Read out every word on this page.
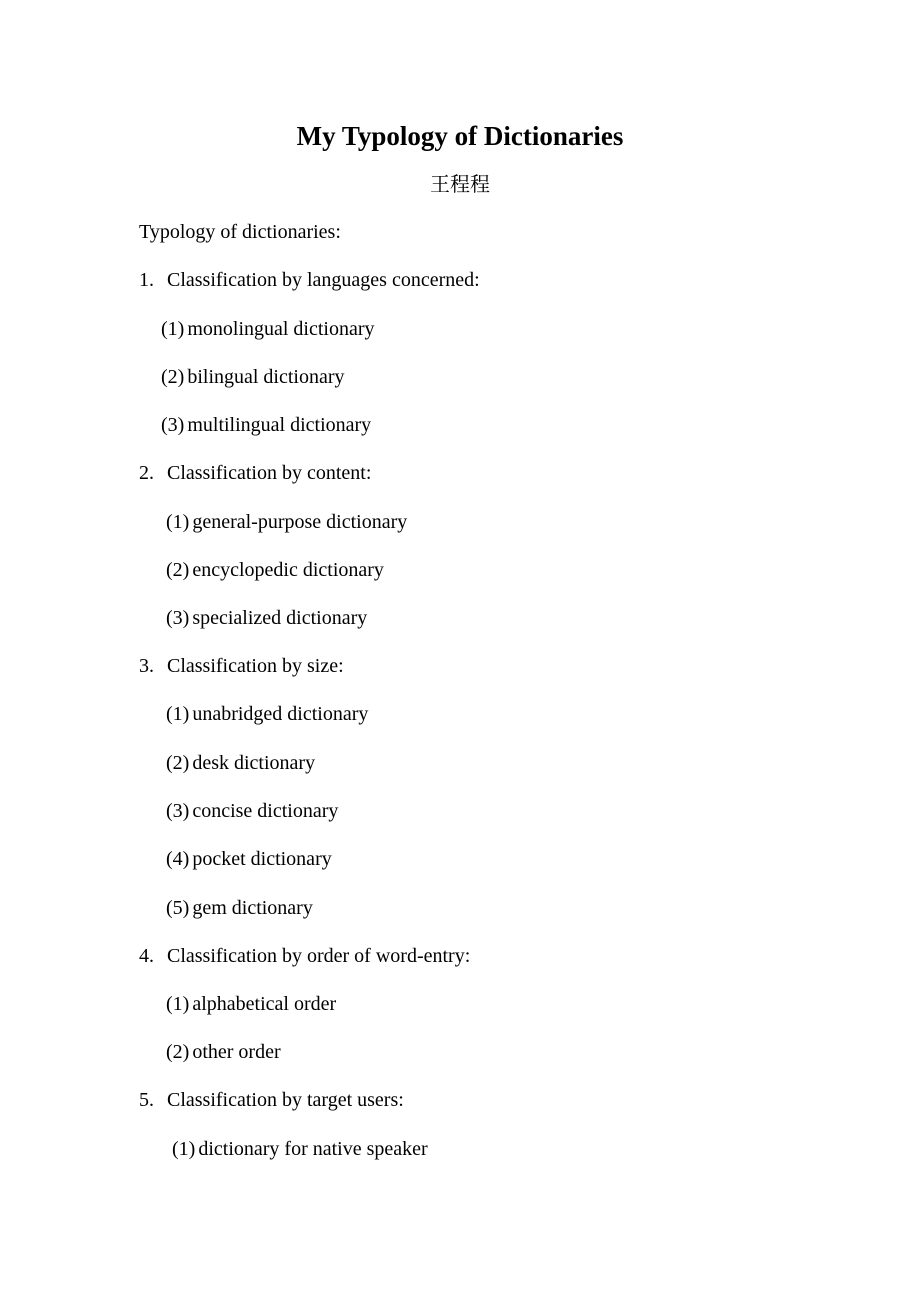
My Typology of Dictionaries
王程程
Typology of dictionaries:
1. Classification by languages concerned:
(1) monolingual dictionary
(2) bilingual dictionary
(3) multilingual dictionary
2. Classification by content:
(1) general-purpose dictionary
(2) encyclopedic dictionary
(3) specialized dictionary
3. Classification by size:
(1) unabridged dictionary
(2) desk dictionary
(3) concise dictionary
(4) pocket dictionary
(5) gem dictionary
4. Classification by order of word-entry:
(1) alphabetical order
(2) other order
5. Classification by target users:
(1) dictionary for native speaker
